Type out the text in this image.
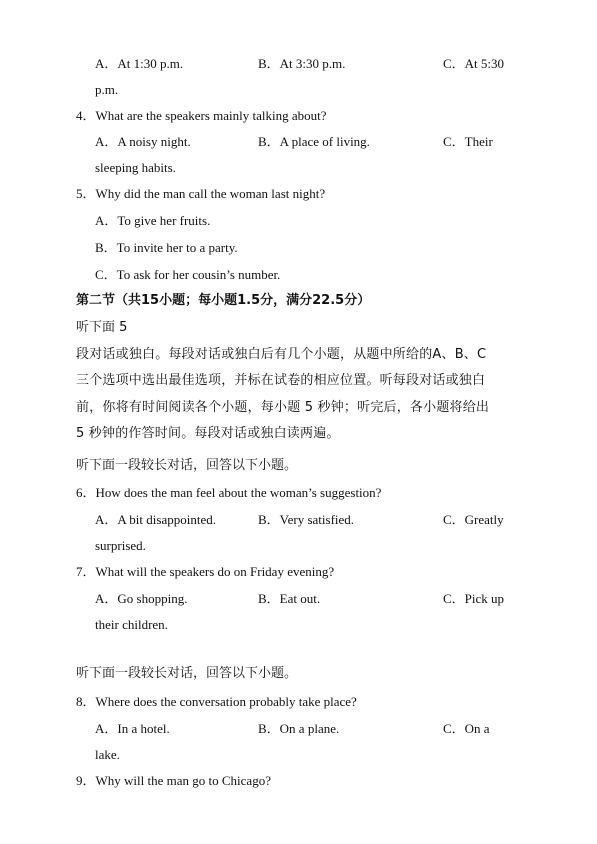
A．At 1:30 p.m.	B．At 3:30 p.m.	C．At 5:30
p.m.
4．What are the speakers mainly talking about?
A．A noisy night.	B．A place of living.	C．Their
sleeping habits.
5．Why did the man call the woman last night?
A．To give her fruits.
B．To invite her to a party.
C．To ask for her cousin’s number.
第二节（共15小题；每小题1.5分，满分22.5分）
听下面 5
段对话或独白。每段对话或独白后有几个小题，从题中所给的A、B、C
三个选项中选出最佳选项，并标在试卷的相应位置。听每段对话或独白
前，你将有时间阅读各个小题，每小题 5 秒钟；听完后，各小题将给出
5 秒钟的作答时间。每段对话或独白读两遍。
听下面一段较长对话，回答以下小题。
6．How does the man feel about the woman’s suggestion?
A．A bit disappointed.	B．Very satisfied.	C．Greatly
surprised.
7．What will the speakers do on Friday evening?
A．Go shopping.	B．Eat out.	C．Pick up
their children.
听下面一段较长对话，回答以下小题。
8．Where does the conversation probably take place?
A．In a hotel.	B．On a plane.	C．On a
lake.
9．Why will the man go to Chicago?
